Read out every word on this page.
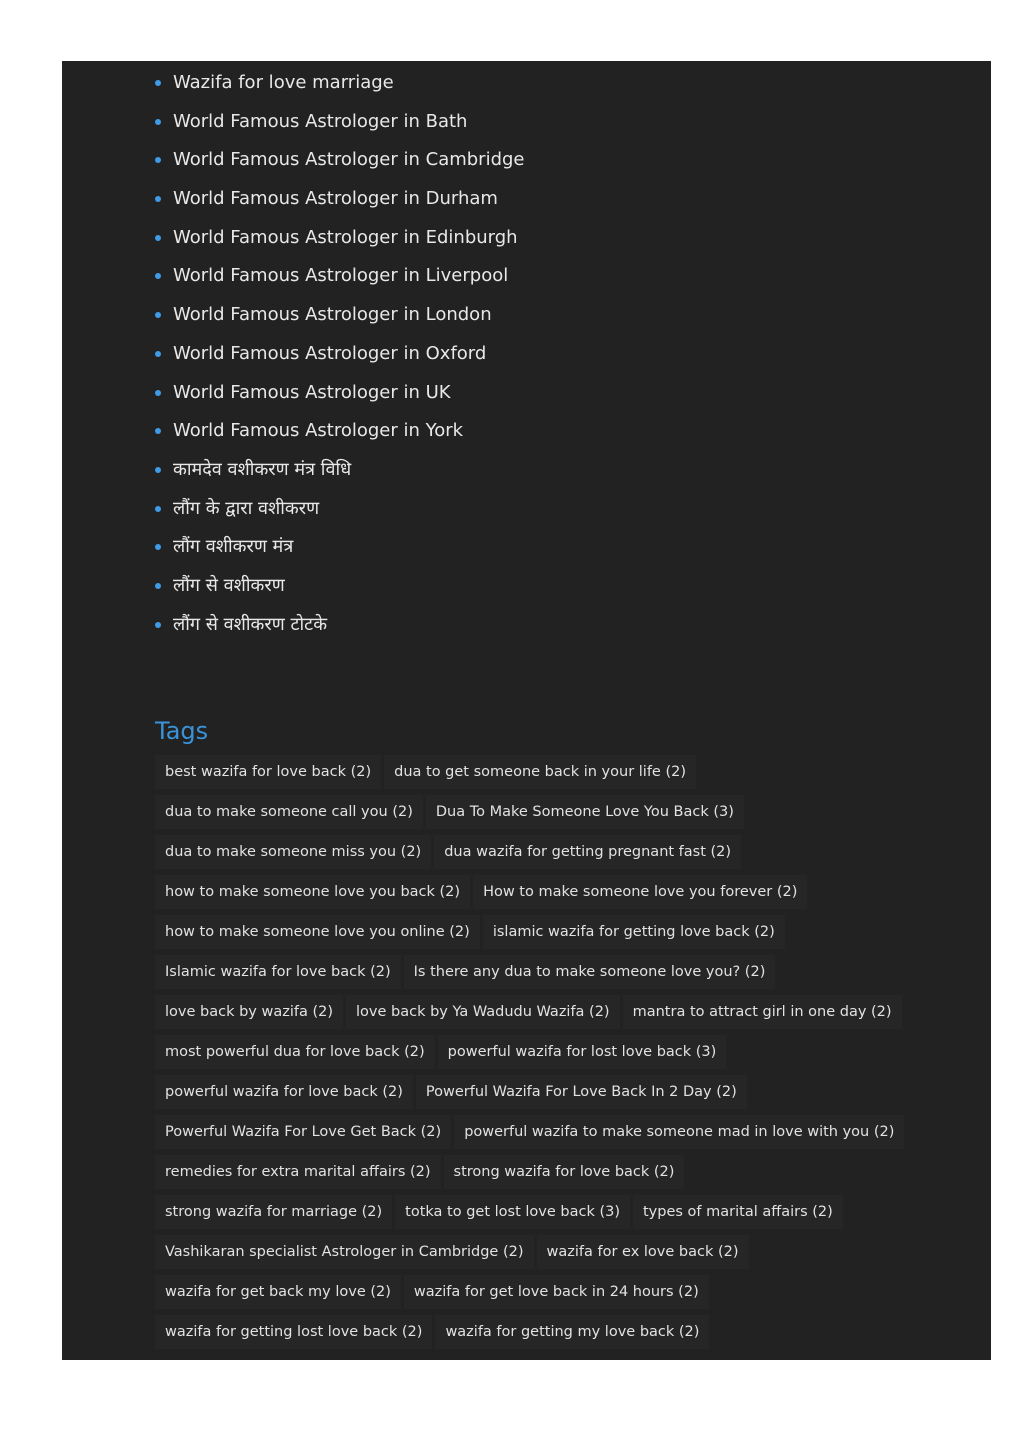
Wazifa for love marriage
World Famous Astrologer in Bath
World Famous Astrologer in Cambridge
World Famous Astrologer in Durham
World Famous Astrologer in Edinburgh
World Famous Astrologer in Liverpool
World Famous Astrologer in London
World Famous Astrologer in Oxford
World Famous Astrologer in UK
World Famous Astrologer in York
कामदेव वशीकरण मंत्र विधि
लौंग के द्वारा वशीकरण
लौंग वशीकरण मंत्र
लौंग से वशीकरण
लौंग से वशीकरण टोटके
Tags
best wazifa for love back (2) dua to get someone back in your life (2)
dua to make someone call you (2) Dua To Make Someone Love You Back (3)
dua to make someone miss you (2) dua wazifa for getting pregnant fast (2)
how to make someone love you back (2) How to make someone love you forever (2)
how to make someone love you online (2) islamic wazifa for getting love back (2)
Islamic wazifa for love back (2) Is there any dua to make someone love you? (2)
love back by wazifa (2) love back by Ya Wadudu Wazifa (2) mantra to attract girl in one day (2)
most powerful dua for love back (2) powerful wazifa for lost love back (3)
powerful wazifa for love back (2) Powerful Wazifa For Love Back In 2 Day (2)
Powerful Wazifa For Love Get Back (2) powerful wazifa to make someone mad in love with you (2)
remedies for extra marital affairs (2) strong wazifa for love back (2)
strong wazifa for marriage (2) totka to get lost love back (3) types of marital affairs (2)
Vashikaran specialist Astrologer in Cambridge (2) wazifa for ex love back (2)
wazifa for get back my love (2) wazifa for get love back in 24 hours (2)
wazifa for getting lost love back (2) wazifa for getting my love back (2)
